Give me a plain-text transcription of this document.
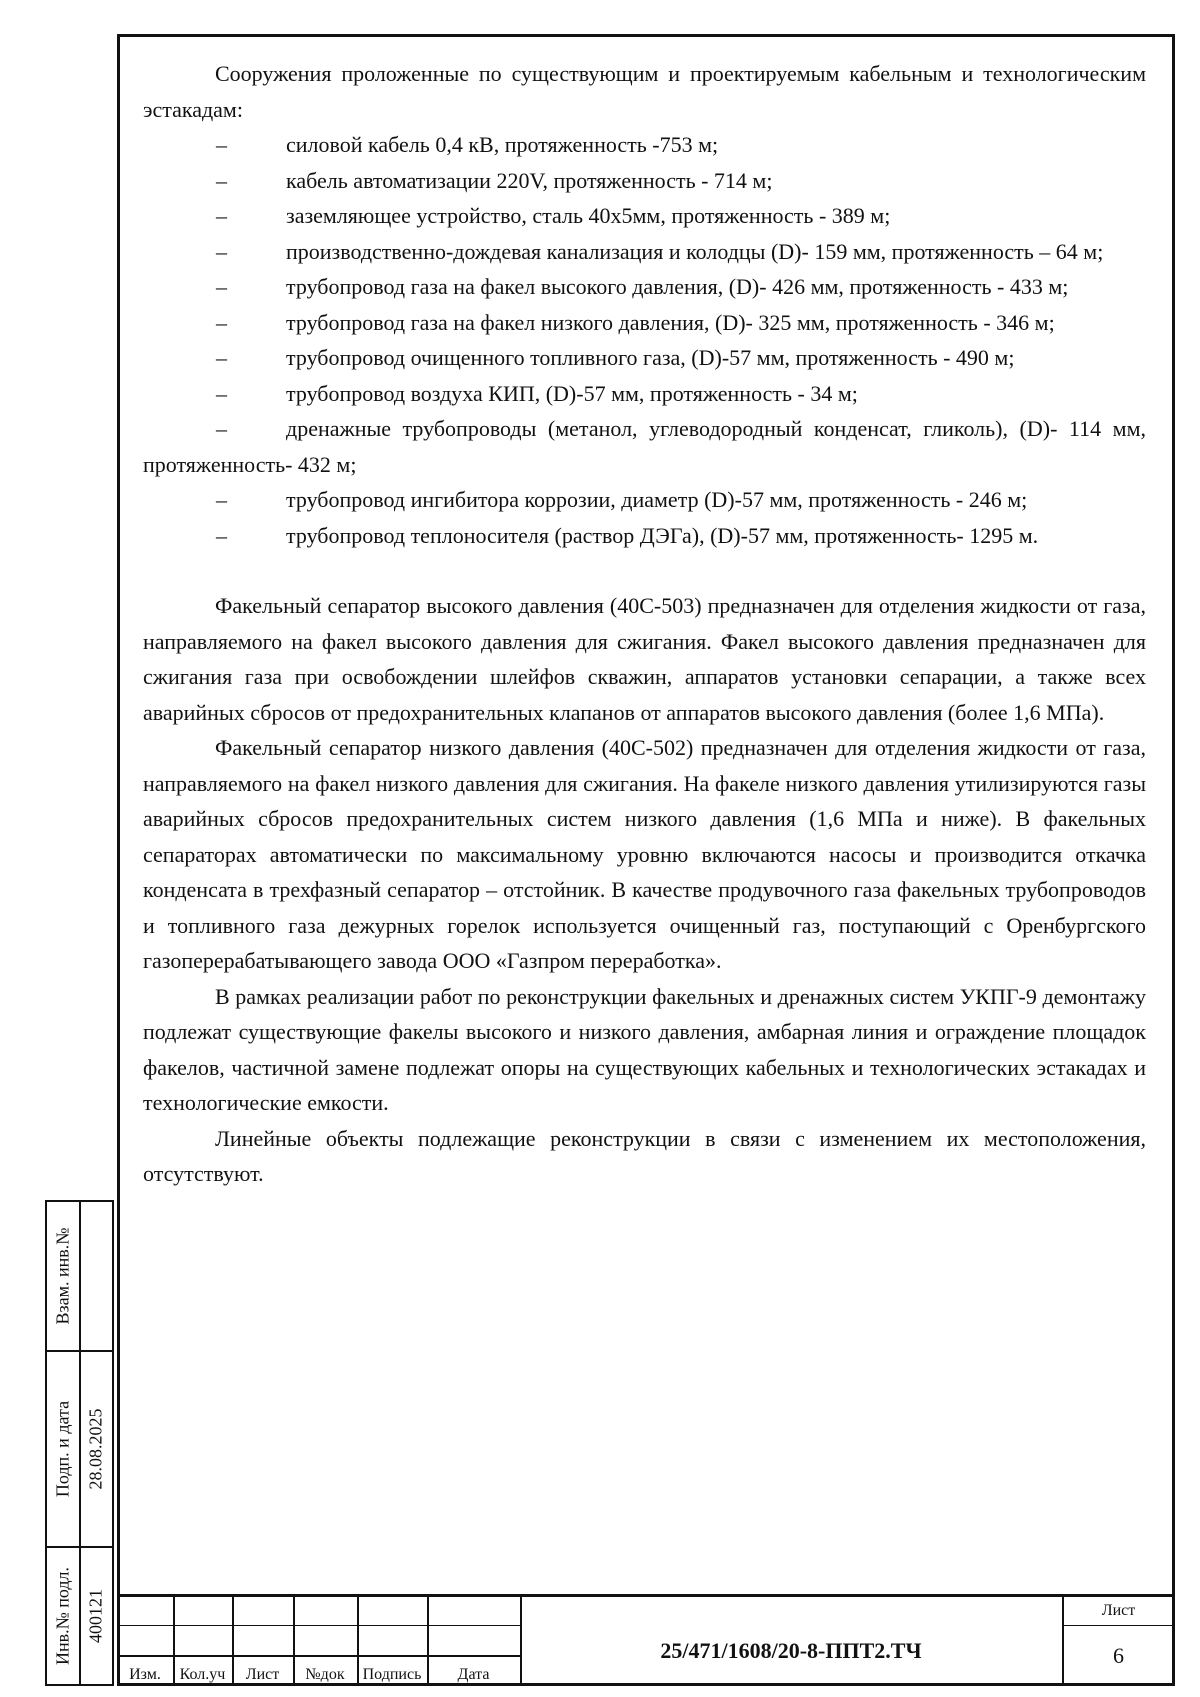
Сооружения проложенные по существующим и проектируемым кабельным и технологическим эстакадам:

–	силовой кабель 0,4 кВ, протяженность -753 м;
–	кабель автоматизации 220V, протяженность - 714 м;
–	заземляющее устройство, сталь 40х5мм, протяженность - 389 м;
–	производственно-дождевая канализация и колодцы (D)- 159 мм, протяженность – 64 м;
–	трубопровод газа на факел высокого давления, (D)- 426 мм, протяженность - 433 м;
–	трубопровод газа на факел низкого давления, (D)- 325 мм, протяженность - 346 м;
–	трубопровод очищенного топливного газа, (D)-57 мм, протяженность - 490 м;
–	трубопровод воздуха КИП, (D)-57 мм, протяженность - 34 м;
–	дренажные трубопроводы (метанол, углеводородный конденсат, гликоль), (D)- 114 мм, протяженность- 432 м;
–	трубопровод ингибитора коррозии, диаметр (D)-57 мм, протяженность - 246 м;
–	трубопровод теплоносителя (раствор ДЭГа), (D)-57 мм, протяженность- 1295 м.

Факельный сепаратор высокого давления (40С-503) предназначен для отделения жидкости от газа, направляемого на факел высокого давления для сжигания. Факел высокого давления предназначен для сжигания газа при освобождении шлейфов скважин, аппаратов установки сепарации, а также всех аварийных сбросов от предохранительных клапанов от аппаратов высокого давления (более 1,6 МПа).

Факельный сепаратор низкого давления (40С-502) предназначен для отделения жидкости от газа, направляемого на факел низкого давления для сжигания. На факеле низкого давления утилизируются газы аварийных сбросов предохранительных систем низкого давления (1,6 МПа и ниже). В факельных сепараторах автоматически по максимальному уровню включаются насосы и производится откачка конденсата в трехфазный сепаратор – отстойник. В качестве продувочного газа факельных трубопроводов и топливного газа дежурных горелок используется очищенный газ, поступающий с Оренбургского газоперерабатывающего завода ООО «Газпром переработка».

В рамках реализации работ по реконструкции факельных и дренажных систем УКПГ-9 демонтажу подлежат существующие факелы высокого и низкого давления, амбарная линия и ограждение площадок факелов, частичной замене подлежат опоры на существующих кабельных и технологических эстакадах и технологические емкости.

Линейные объекты подлежащие реконструкции в связи с изменением их местоположения, отсутствуют.

Взам. инв.№
Подп. и дата 28.08.2025
Инв.№ подл. 400121
Изм.	Кол.уч	Лист	№док	Подпись	Дата
25/471/1608/20-8-ППТ2.ТЧ
Лист
6
